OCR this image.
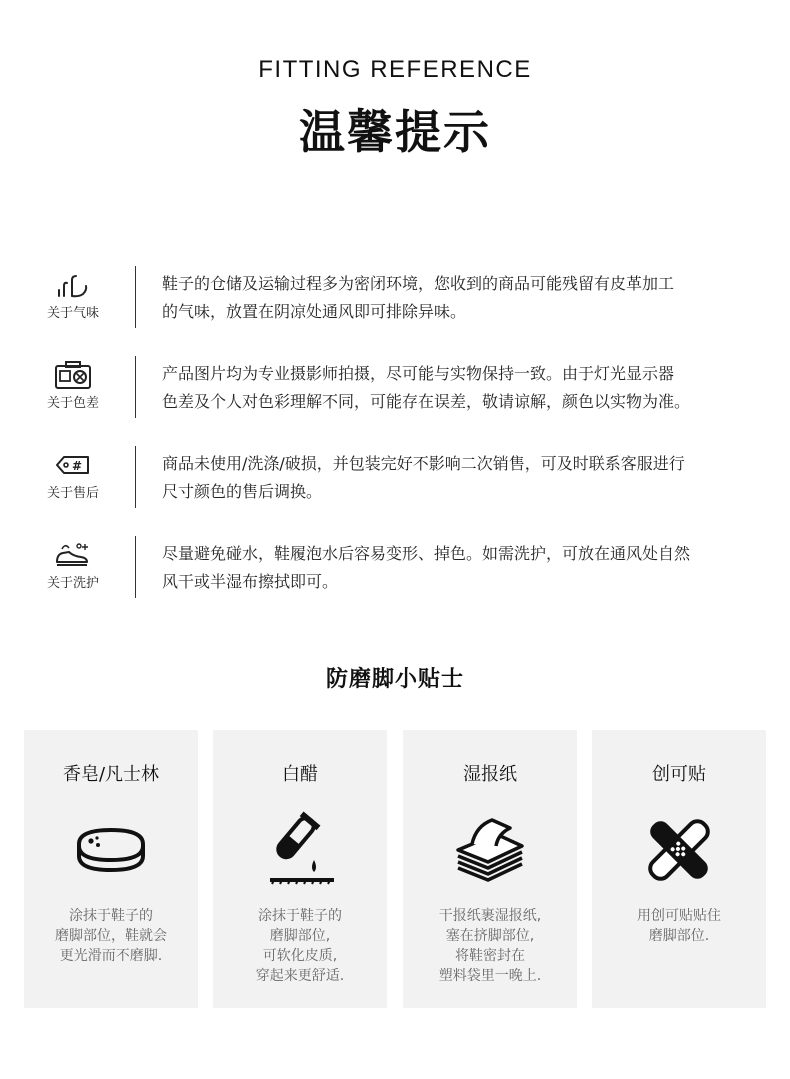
FITTING REFERENCE
温馨提示
关于气味
鞋子的仓储及运输过程多为密闭环境，您收到的商品可能残留有皮革加工
的气味，放置在阴凉处通风即可排除异味。
关于色差
产品图片均为专业摄影师拍摄，尽可能与实物保持一致。由于灯光显示器
色差及个人对色彩理解不同，可能存在误差，敬请谅解，颜色以实物为准。
#
关于售后
商品未使用/洗涤/破损，并包装完好不影响二次销售，可及时联系客服进行
尺寸颜色的售后调换。
关于洗护
尽量避免碰水，鞋履泡水后容易变形、掉色。如需洗护，可放在通风处自然
风干或半湿布擦拭即可。
防磨脚小贴士
香皂/凡士林
涂抹于鞋子的
磨脚部位，鞋就会
更光滑而不磨脚.
白醋
涂抹于鞋子的
磨脚部位,
可软化皮质,
穿起来更舒适.
湿报纸
干报纸裹湿报纸,
塞在挤脚部位,
将鞋密封在
塑料袋里一晚上.
创可贴
用创可贴贴住
磨脚部位.
